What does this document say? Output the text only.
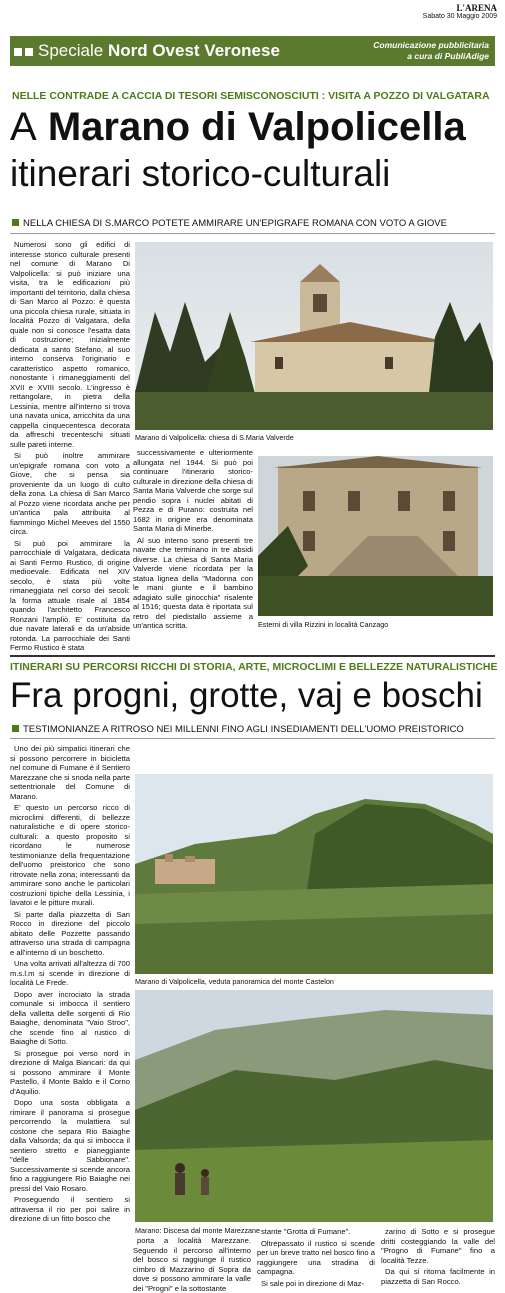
L'ARENA
Sabato 30 Maggio 2009
Speciale Nord Ovest Veronese	Comunicazione pubblicitaria
a cura di PubliAdige
NELLE CONTRADE A CACCIA DI TESORI SEMISCONOSCIUTI : VISITA A POZZO DI VALGATARA
A Marano di Valpolicella
itinerari storico-culturali
NELLA CHIESA DI S.MARCO POTETE AMMIRARE UN'EPIGRAFE ROMANA CON VOTO A GIOVE

Numerosi sono gli edifici di interesse storico culturale presenti nel comune di Marano Di Valpolicella: si può iniziare una visita, tra le edificazioni più importanti del territorio, dalla chiesa di San Marco al Pozzo: è questa una piccola chiesa rurale, situata in località Pozzo di Valgatara, della quale non si conosce l'esatta data di costruzione; inizialmente dedicata a santo Stefano, al suo interno conserva l'originario e caratteristico aspetto romanico, nonostante i rimaneggiamenti del XVII e XVIII secolo. L'ingresso è rettangolare, in pietra della Lessinia, mentre all'interno si trova una navata unica, arricchita da una cappella cinquecentesca decorata da affreschi trecenteschi situati sulle pareti interne.

Si può inoltre ammirare un'epigrafe romana con voto a Giove, che si pensa sia proveniente da un luogo di culto della zona. La chiesa di San Marco al Pozzo viene ricordata anche per un'antica pala attribuita al fiammingo Michel Meeves del 1550 circa.

Si può poi ammirare la parrocchiale di Valgatara, dedicata ai Santi Fermo Rustico, di origine medioevale. Edificata nel XIV secolo, è stata più volte rimaneggiata nel corso dei secoli: la forma attuale risale al 1854 quando l'architetto Francesco Ronzani l'ampliò. E' costituita da due navate laterali e da un'abside rotonda. La parrocchiale dei Santi Fermo Rustico è stata

Marano di Valpolicella: chiesa di S.Maria Valverde

successivamente e ulteriormente allungata nel 1944. Si può poi continuare l'itinerario storico-culturale in direzione della chiesa di Santa Maria Valverde che sorge sul pendio sopra i nuclei abitati di Pezza e di Purano: costruita nel 1682 in origine era denominata Santa Maria di Minerbe.

Al suo interno sono presenti tre navate che terminano in tre absidi diverse. La chiesa di Santa Maria Valverde viene ricordata per la statua lignea della "Madonna con le mani giunte e il bambino adagiato sulle ginocchia" risalente al 1516; questa data è riportata sul retro del piedistallo assieme a un'antica scritta.	Esterni di villa Rizzini in località Canzago
ITINERARI SU PERCORSI RICCHI DI STORIA, ARTE, MICROCLIMI E BELLEZZE NATURALISTICHE
Fra progni, grotte, vaj e boschi
TESTIMONIANZE A RITROSO NEI MILLENNI FINO AGLI INSEDIAMENTI DELL'UOMO PREISTORICO

Uno dei più simpatici itinerari che si possono percorrere in bicicletta nel comune di Fumane è il Sentiero Marezzane che si snoda nella parte settentrionale del Comune di Marano.

E' questo un percorso ricco di microclimi differenti, di bellezze naturalistiche e di opere storico-culturali: a questo proposito si ricordano le numerose testimonianze della frequentazione dell'uomo preistorico che sono ritrovate nella zona; interessanti da ammirare sono anche le particolari costruzioni tipiche della Lessinia, i lavatoi e le pitture murali.

Si parte dalla piazzetta di San Rocco in direzione del piccolo abitato delle Pozzette passando attraverso una strada di campagna e all'interno di un boschetto.

Una volta arrivati all'altezza di 700 m.s.l.m si scende in direzione di località Le Frede.

Dopo aver incrociato la strada comunale si imbocca il sentiero della valletta delle sorgenti di Rio Baiaghe, denominata "Vaio Stroo", che scende fino al rustico di Baiaghe di Sotto.

Si prosegue poi verso nord in direzione di Malga Biancari: da qui si possono ammirare il Monte Pastello, il Monte Baldo e il Corno d'Aquilio.

Dopo una sosta obbligata a rimirare il panorama si prosegue percorrendo la mulattiera sul costone che separa Rio Baiaghe dalla Valsorda; da qui si imbocca il sentiero stretto e pianeggiante "delle Sabbionare". Successivamente si scende ancora fino a raggiungere Rio Baiaghe nei pressi del Vaio Rosaro.

Proseguendo il sentiero si attraversa il rio per poi salire in direzione di un fitto bosco che

Marano di Valpolicella, veduta panoramica del monte Castelon
Marano: Discesa dal monte Marezzane

porta a località Marezzane. Seguendo il percorso all'interno del bosco si raggiunge il rustico cimbro di Mazzarino di Sopra da dove si possono ammirare la valle dei "Progni" e la sottostante

stante "Grotta di Fumane".

Oltrepassato il rustico si scende per un breve tratto nel bosco fino a raggiungere una stradina di campagna.

Si sale poi in direzione di Maz-

zarino di Sotto e si prosegue dritti costeggiando la valle del "Progno di Fumane" fino a località Tezze.

Da qui si ritorna facilmente in piazzetta di San Rocco.
